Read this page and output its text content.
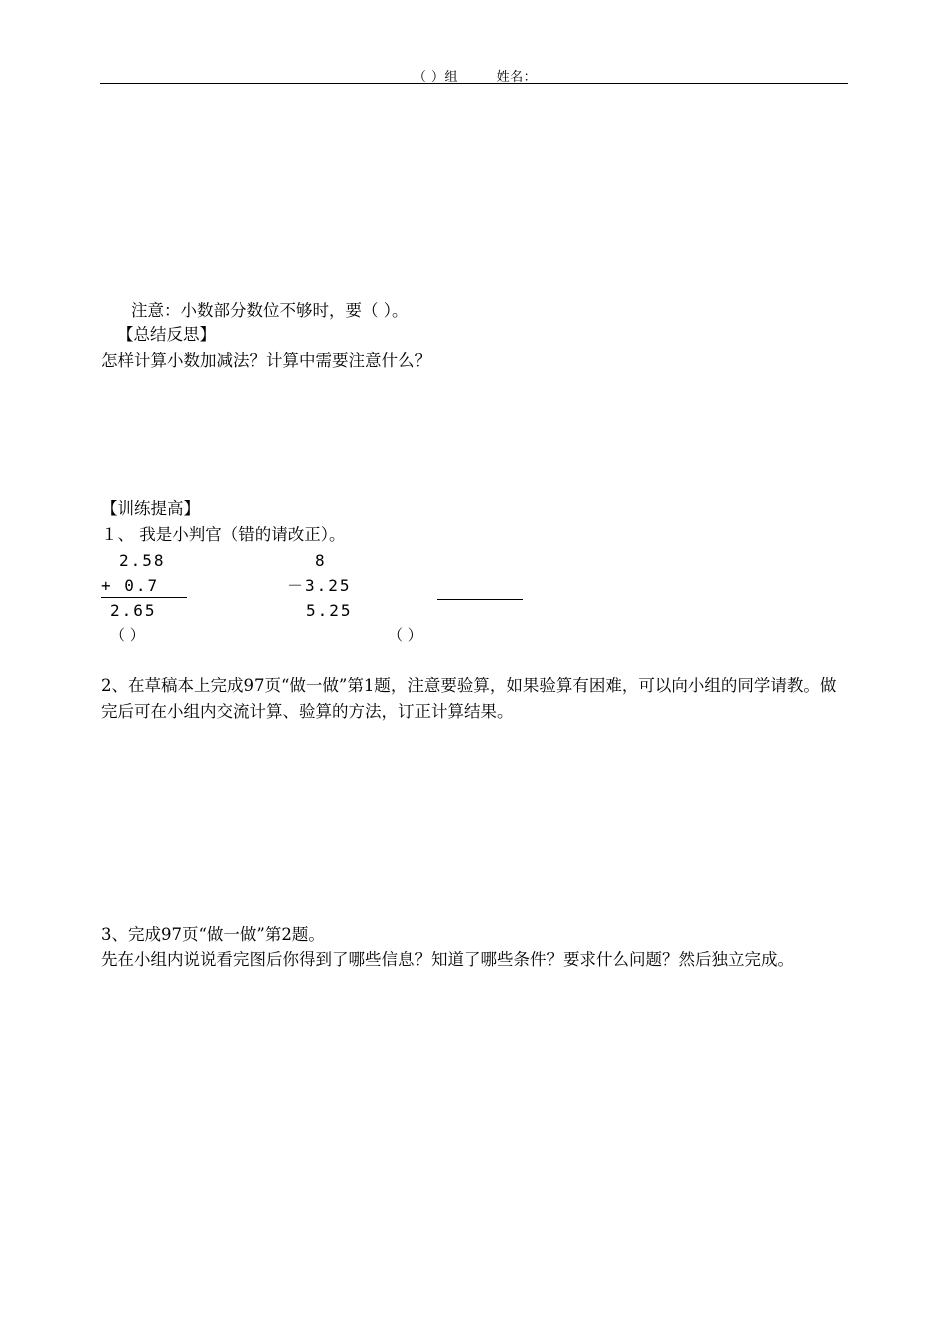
（ ）组	姓名：
注意：小数部分数位不够时，要（ ）。
【总结反思】
怎样计算小数加减法？计算中需要注意什么？
【训练提高】
１、 我是小判官（错的请改正）。
2.58
+ 0.7
2.65
（ ）
8
－3.25
5.25
（ ）
2、在草稿本上完成97页“做一做”第1题，注意要验算，如果验算有困难，可以向小组的同学请教。做完后可在小组内交流计算、验算的方法，订正计算结果。
3、完成97页“做一做”第2题。
先在小组内说说看完图后你得到了哪些信息？知道了哪些条件？要求什么问题？然后独立完成。
